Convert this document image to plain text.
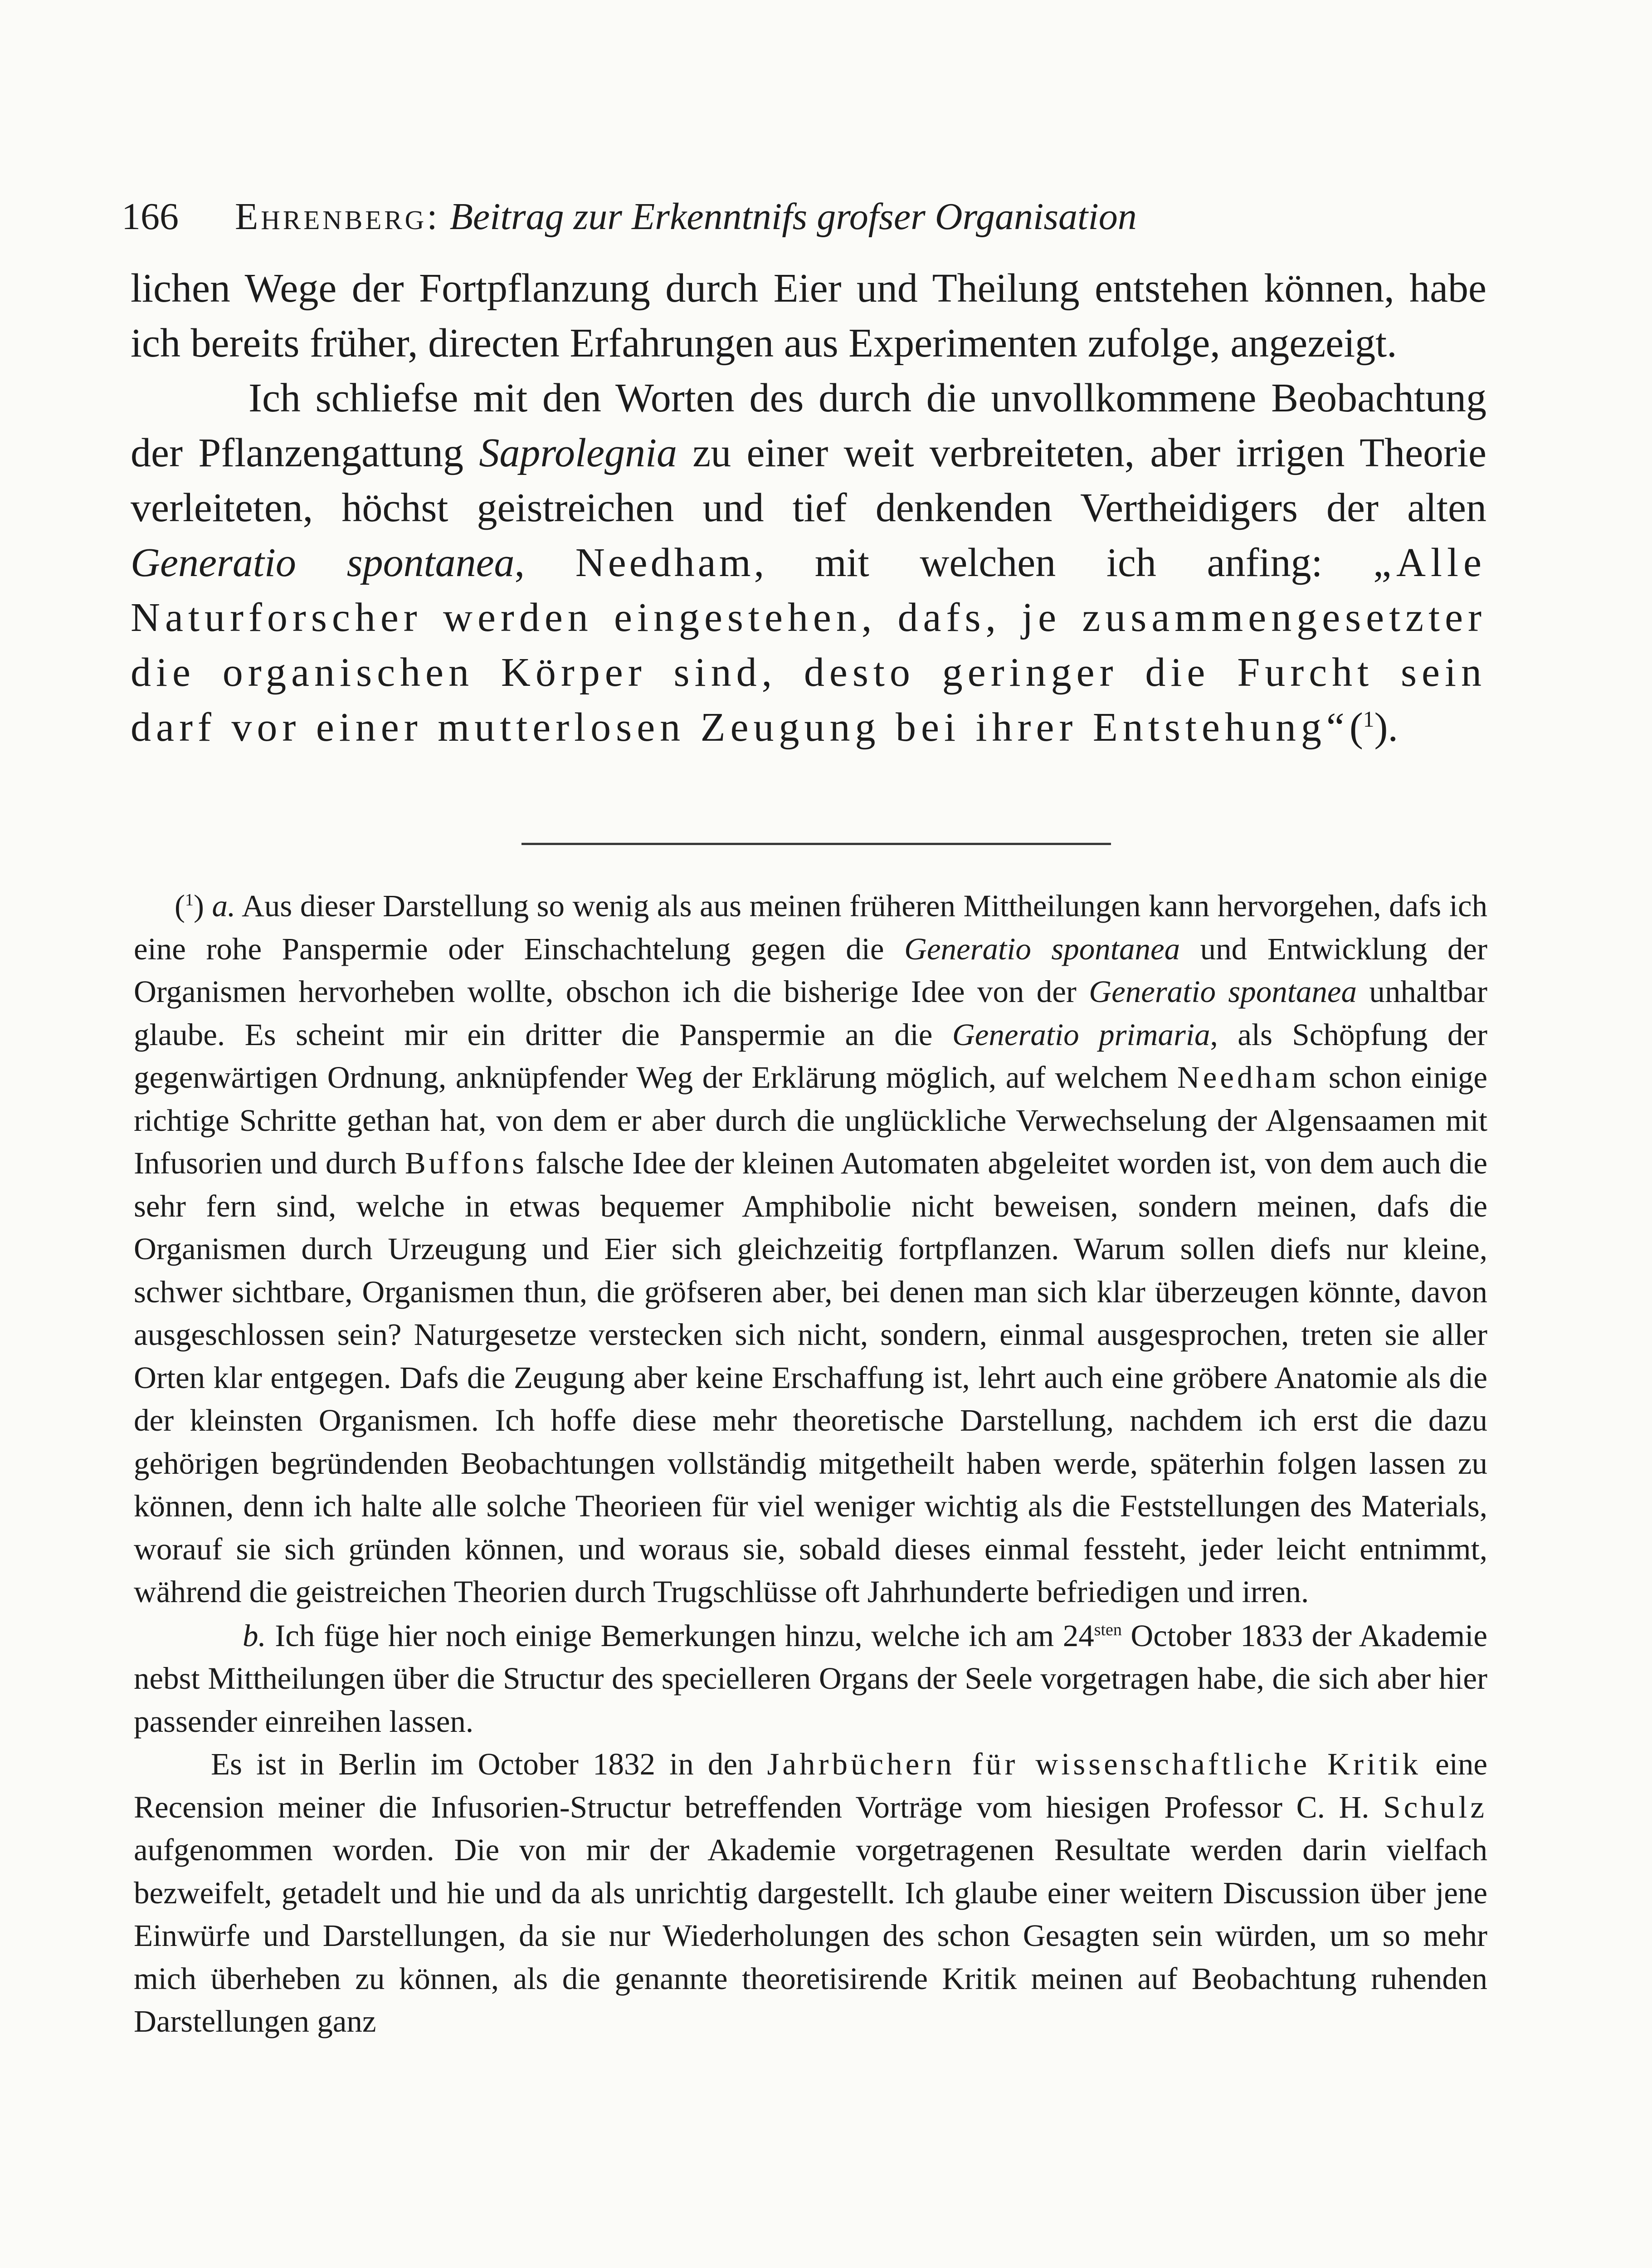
166 Ehrenberg: Beitrag zur Erkenntnifs grofser Organisation

lichen Wege der Fortpflanzung durch Eier und Theilung entstehen können, habe ich bereits früher, directen Erfahrungen aus Experimenten zufolge, angezeigt.

Ich schliefse mit den Worten des durch die unvollkommene Beobachtung der Pflanzengattung Saprolegnia zu einer weit verbreiteten, aber irrigen Theorie verleiteten, höchst geistreichen und tief denkenden Vertheidigers der alten Generatio spontanea, Needham, mit welchen ich anfing: „Alle Naturforscher werden eingestehen, dafs, je zusammengesetzter die organischen Körper sind, desto geringer die Furcht sein darf vor einer mutterlosen Zeugung bei ihrer Entstehung“($^1$).

($^1$) a. Aus dieser Darstellung so wenig als aus meinen früheren Mittheilungen kann hervorgehen, dafs ich eine rohe Panspermie oder Einschachtelung gegen die Generatio spontanea und Entwicklung der Organismen hervorheben wollte, obschon ich die bisherige Idee von der Generatio spontanea unhaltbar glaube. Es scheint mir ein dritter die Panspermie an die Generatio primaria, als Schöpfung der gegenwärtigen Ordnung, anknüpfender Weg der Erklärung möglich, auf welchem Needham schon einige richtige Schritte gethan hat, von dem er aber durch die unglückliche Verwechselung der Algensaamen mit Infusorien und durch Buffons falsche Idee der kleinen Automaten abgeleitet worden ist, von dem auch die sehr fern sind, welche in etwas bequemer Amphibolie nicht beweisen, sondern meinen, dafs die Organismen durch Urzeugung und Eier sich gleichzeitig fortpflanzen. Warum sollen diefs nur kleine, schwer sichtbare, Organismen thun, die gröfseren aber, bei denen man sich klar überzeugen könnte, davon ausgeschlossen sein? Naturgesetze verstecken sich nicht, sondern, einmal ausgesprochen, treten sie aller Orten klar entgegen. Dafs die Zeugung aber keine Erschaffung ist, lehrt auch eine gröbere Anatomie als die der kleinsten Organismen. Ich hoffe diese mehr theoretische Darstellung, nachdem ich erst die dazu gehörigen begründenden Beobachtungen vollständig mitgetheilt haben werde, späterhin folgen lassen zu können, denn ich halte alle solche Theorieen für viel weniger wichtig als die Feststellungen des Materials, worauf sie sich gründen können, und woraus sie, sobald dieses einmal fessteht, jeder leicht entnimmt, während die geistreichen Theorien durch Trugschlüsse oft Jahrhunderte befriedigen und irren.

b. Ich füge hier noch einige Bemerkungen hinzu, welche ich am $24^{sten}$ October 1833 der Akademie nebst Mittheilungen über die Structur des specielleren Organs der Seele vorgetragen habe, die sich aber hier passender einreihen lassen.

Es ist in Berlin im October 1832 in den Jahrbüchern für wissenschaftliche Kritik eine Recension meiner die Infusorien-Structur betreffenden Vorträge vom hiesigen Professor C. H. Schulz aufgenommen worden. Die von mir der Akademie vorgetragenen Resultate werden darin vielfach bezweifelt, getadelt und hie und da als unrichtig dargestellt. Ich glaube einer weitern Discussion über jene Einwürfe und Darstellungen, da sie nur Wiederholungen des schon Gesagten sein würden, um so mehr mich überheben zu können, als die genannte theoretisirende Kritik meinen auf Beobachtung ruhenden Darstellungen ganz
